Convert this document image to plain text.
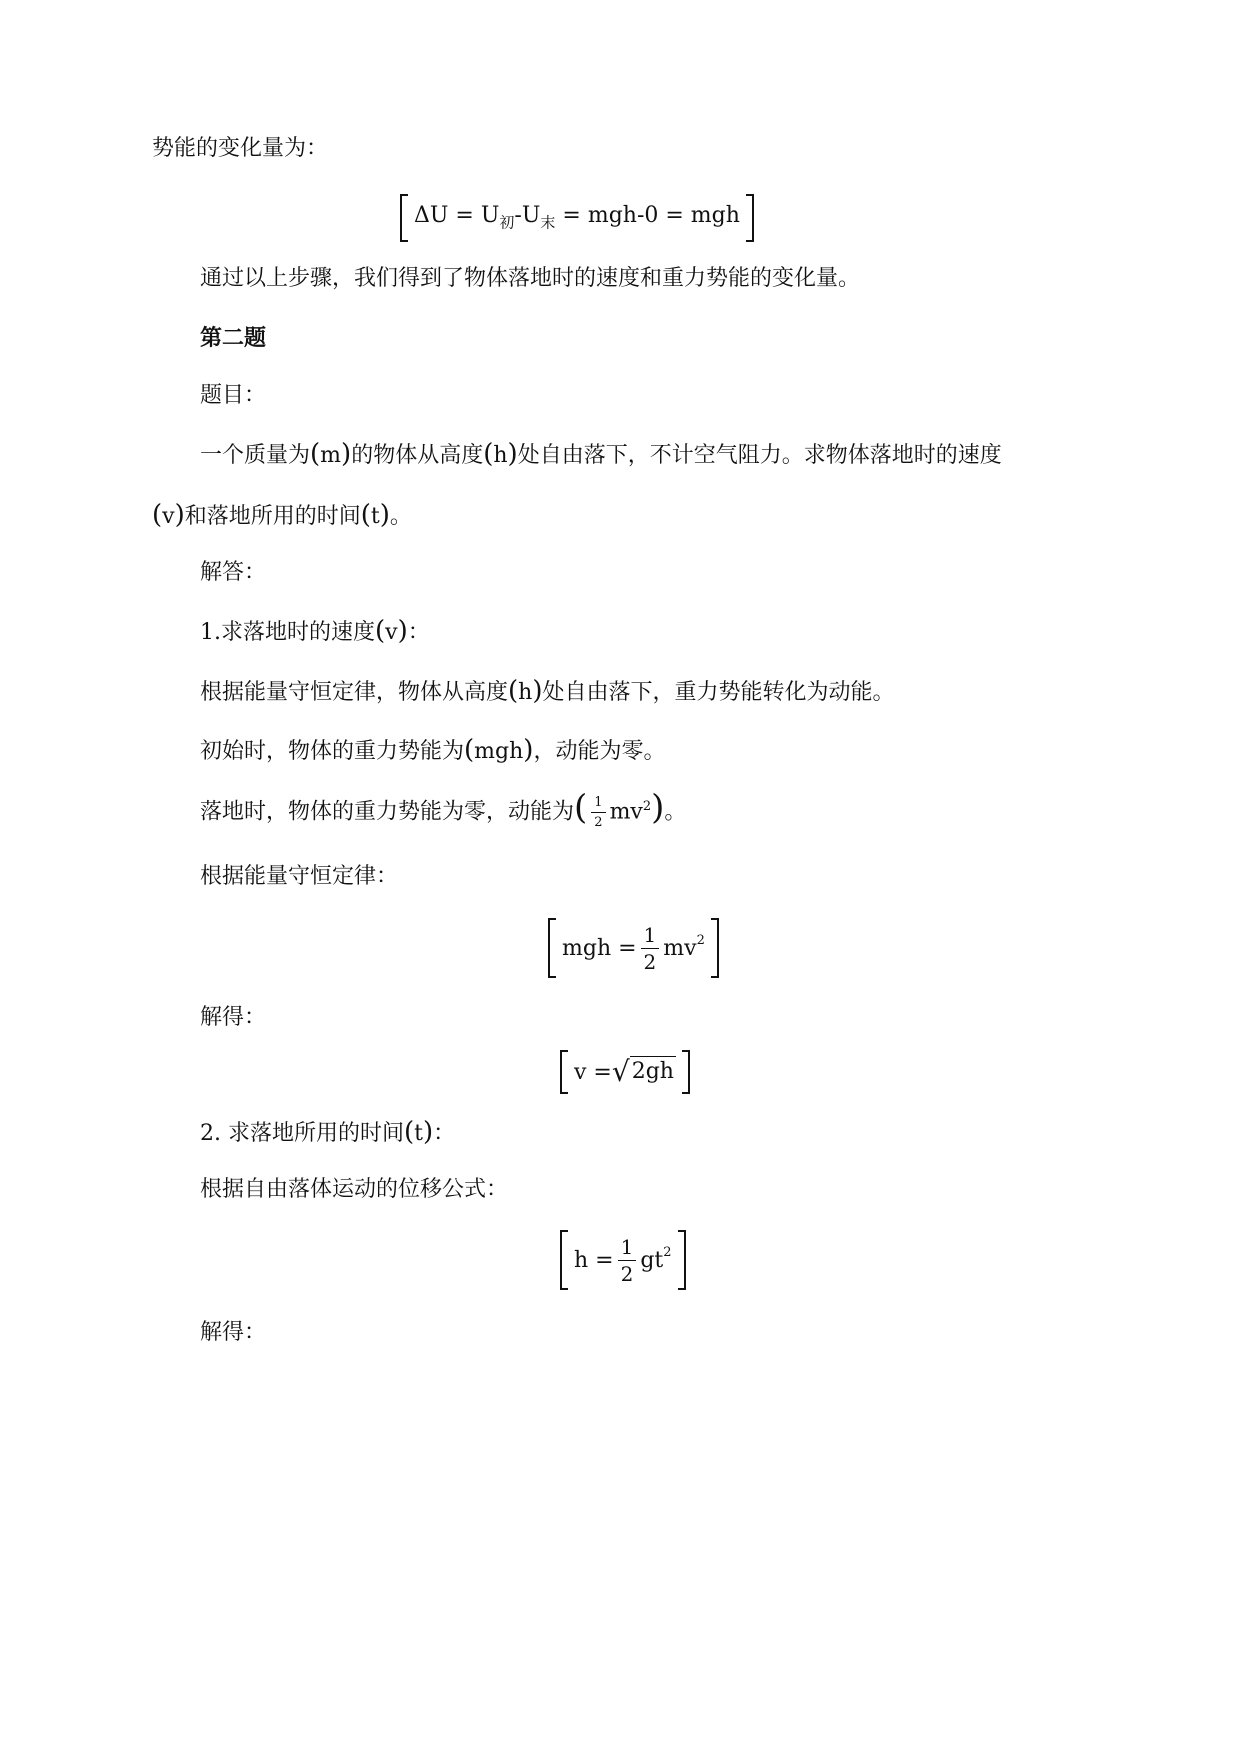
势能的变化量为：
$\Delta U = U_初-U_末 = mgh-0$ = mgh
通过以上步骤，我们得到了物体落地时的速度和重力势能的变化量。
第二题
题目：
一个质量为(m)的物体从高度(h)处自由落下，不计空气阻力。求物体落地时的速度
(v)和落地所用的时间(t)。
解答：
1.求落地时的速度(v)：
根据能量守恒定律，物体从高度(h)处自由落下，重力势能转化为动能。
初始时，物体的重力势能为(mgh)，动能为零。
落地时，物体的重力势能为零，动能为( $\frac{1}{2} mv^2$)。
根据能量守恒定律：
mgh = $\frac{1}{2} mv^2$
解得：
v = √ 2gh
2. 求落地所用的时间(t)：
根据自由落体运动的位移公式：
$h = \frac{1}{2} gt^2$
解得：
